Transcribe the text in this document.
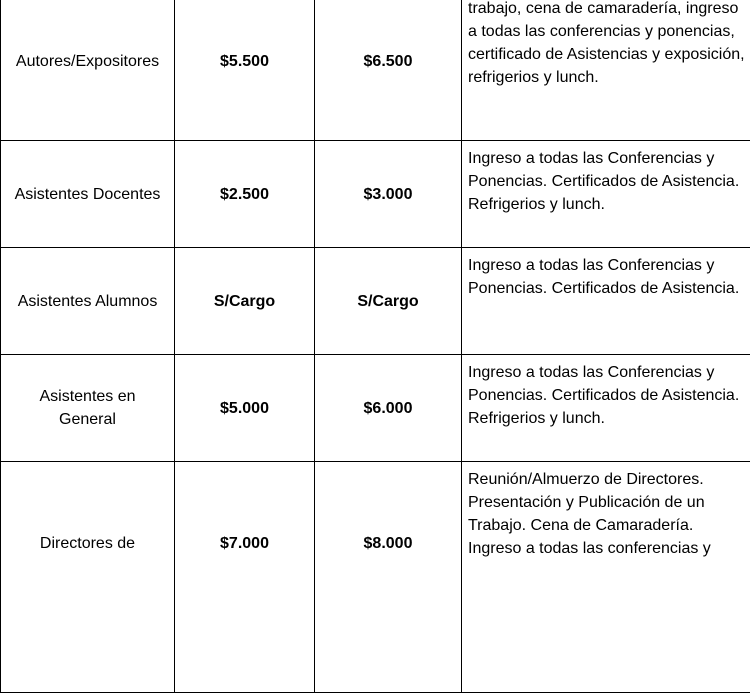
Autores/Expositores	$5.500	$6.500	trabajo, cena de camaradería, ingreso a todas las conferencias y ponencias, certificado de Asistencias y exposición, refrigerios y lunch.
Asistentes Docentes	$2.500	$3.000	Ingreso a todas las Conferencias y Ponencias. Certificados de Asistencia. Refrigerios y lunch.
Asistentes Alumnos	S/Cargo	S/Cargo	Ingreso a todas las Conferencias y Ponencias. Certificados de Asistencia.
Asistentes en General	$5.000	$6.000	Ingreso a todas las Conferencias y Ponencias. Certificados de Asistencia. Refrigerios y lunch.
Directores de	$7.000	$8.000	Reunión/Almuerzo de Directores. Presentación y Publicación de un Trabajo. Cena de Camaradería. Ingreso a todas las conferencias y
